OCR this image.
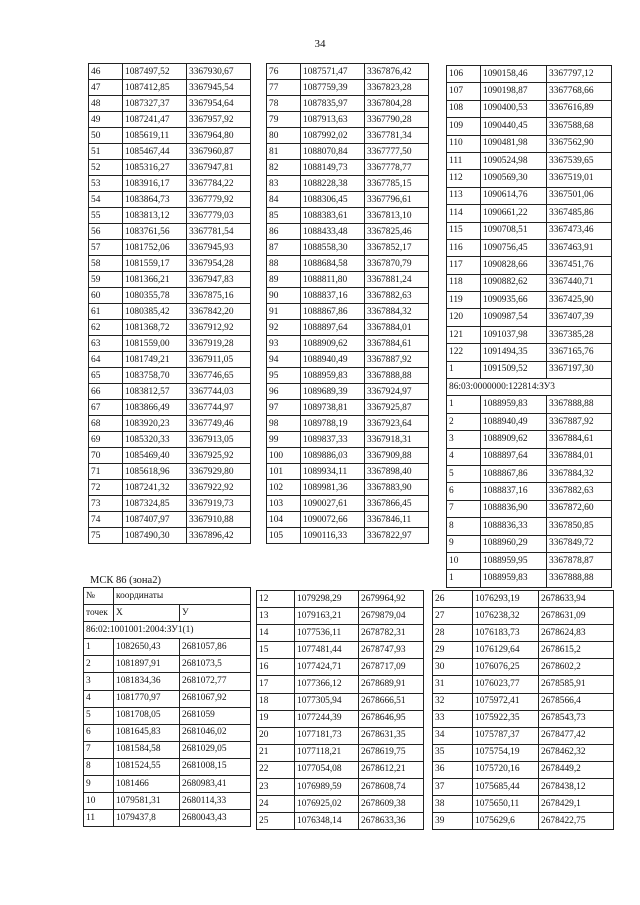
34
46	1087497,52	3367930,67
47	1087412,85	3367945,54
48	1087327,37	3367954,64
49	1087241,47	3367957,92
50	1085619,11	3367964,80
51	1085467,44	3367960,87
52	1085316,27	3367947,81
53	1083916,17	3367784,22
54	1083864,73	3367779,92
55	1083813,12	3367779,03
56	1083761,56	3367781,54
57	1081752,06	3367945,93
58	1081559,17	3367954,28
59	1081366,21	3367947,83
60	1080355,78	3367875,16
61	1080385,42	3367842,20
62	1081368,72	3367912,92
63	1081559,00	3367919,28
64	1081749,21	3367911,05
65	1083758,70	3367746,65
66	1083812,57	3367744,03
67	1083866,49	3367744,97
68	1083920,23	3367749,46
69	1085320,33	3367913,05
70	1085469,40	3367925,92
71	1085618,96	3367929,80
72	1087241,32	3367922,92
73	1087324,85	3367919,73
74	1087407,97	3367910,88
75	1087490,30	3367896,42
76	1087571,47	3367876,42
77	1087759,39	3367823,28
78	1087835,97	3367804,28
79	1087913,63	3367790,28
80	1087992,02	3367781,34
81	1088070,84	3367777,50
82	1088149,73	3367778,77
83	1088228,38	3367785,15
84	1088306,45	3367796,61
85	1088383,61	3367813,10
86	1088433,48	3367825,46
87	1088558,30	3367852,17
88	1088684,58	3367870,79
89	1088811,80	3367881,24
90	1088837,16	3367882,63
91	1088867,86	3367884,32
92	1088897,64	3367884,01
93	1088909,62	3367884,61
94	1088940,49	3367887,92
95	1088959,83	3367888,88
96	1089689,39	3367924,97
97	1089738,81	3367925,87
98	1089788,19	3367923,64
99	1089837,33	3367918,31
100	1089886,03	3367909,88
101	1089934,11	3367898,40
102	1089981,36	3367883,90
103	1090027,61	3367866,45
104	1090072,66	3367846,11
105	1090116,33	3367822,97
106	1090158,46	3367797,12
107	1090198,87	3367768,66
108	1090400,53	3367616,89
109	1090440,45	3367588,68
110	1090481,98	3367562,90
111	1090524,98	3367539,65
112	1090569,30	3367519,01
113	1090614,76	3367501,06
114	1090661,22	3367485,86
115	1090708,51	3367473,46
116	1090756,45	3367463,91
117	1090828,66	3367451,76
118	1090882,62	3367440,71
119	1090935,66	3367425,90
120	1090987,54	3367407,39
121	1091037,98	3367385,28
122	1091494,35	3367165,76
1	1091509,52	3367197,30
86:03:0000000:122814:ЗУ3		
1	1088959,83	3367888,88
2	1088940,49	3367887,92
3	1088909,62	3367884,61
4	1088897,64	3367884,01
5	1088867,86	3367884,32
6	1088837,16	3367882,63
7	1088836,90	3367872,60
8	1088836,33	3367850,85
9	1088960,29	3367849,72
10	1088959,95	3367878,87
1	1088959,83	3367888,88
МСК 86 (зона2)
№	координаты	
точек	X	У
86:02:1001001:2004:ЗУ1(1)		
1	1082650,43	2681057,86
2	1081897,91	2681073,5
3	1081834,36	2681072,77
4	1081770,97	2681067,92
5	1081708,05	2681059
6	1081645,83	2681046,02
7	1081584,58	2681029,05
8	1081524,55	2681008,15
9	1081466	2680983,41
10	1079581,31	2680114,33
11	1079437,8	2680043,43
12	1079298,29	2679964,92
13	1079163,21	2679879,04
14	1077536,11	2678782,31
15	1077481,44	2678747,93
16	1077424,71	2678717,09
17	1077366,12	2678689,91
18	1077305,94	2678666,51
19	1077244,39	2678646,95
20	1077181,73	2678631,35
21	1077118,21	2678619,75
22	1077054,08	2678612,21
23	1076989,59	2678608,74
24	1076925,02	2678609,38
25	1076348,14	2678633,36
26	1076293,19	2678633,94
27	1076238,32	2678631,09
28	1076183,73	2678624,83
29	1076129,64	2678615,2
30	1076076,25	2678602,2
31	1076023,77	2678585,91
32	1075972,41	2678566,4
33	1075922,35	2678543,73
34	1075787,37	2678477,42
35	1075754,19	2678462,32
36	1075720,16	2678449,2
37	1075685,44	2678438,12
38	1075650,11	2678429,1
39	1075629,6	2678422,75
